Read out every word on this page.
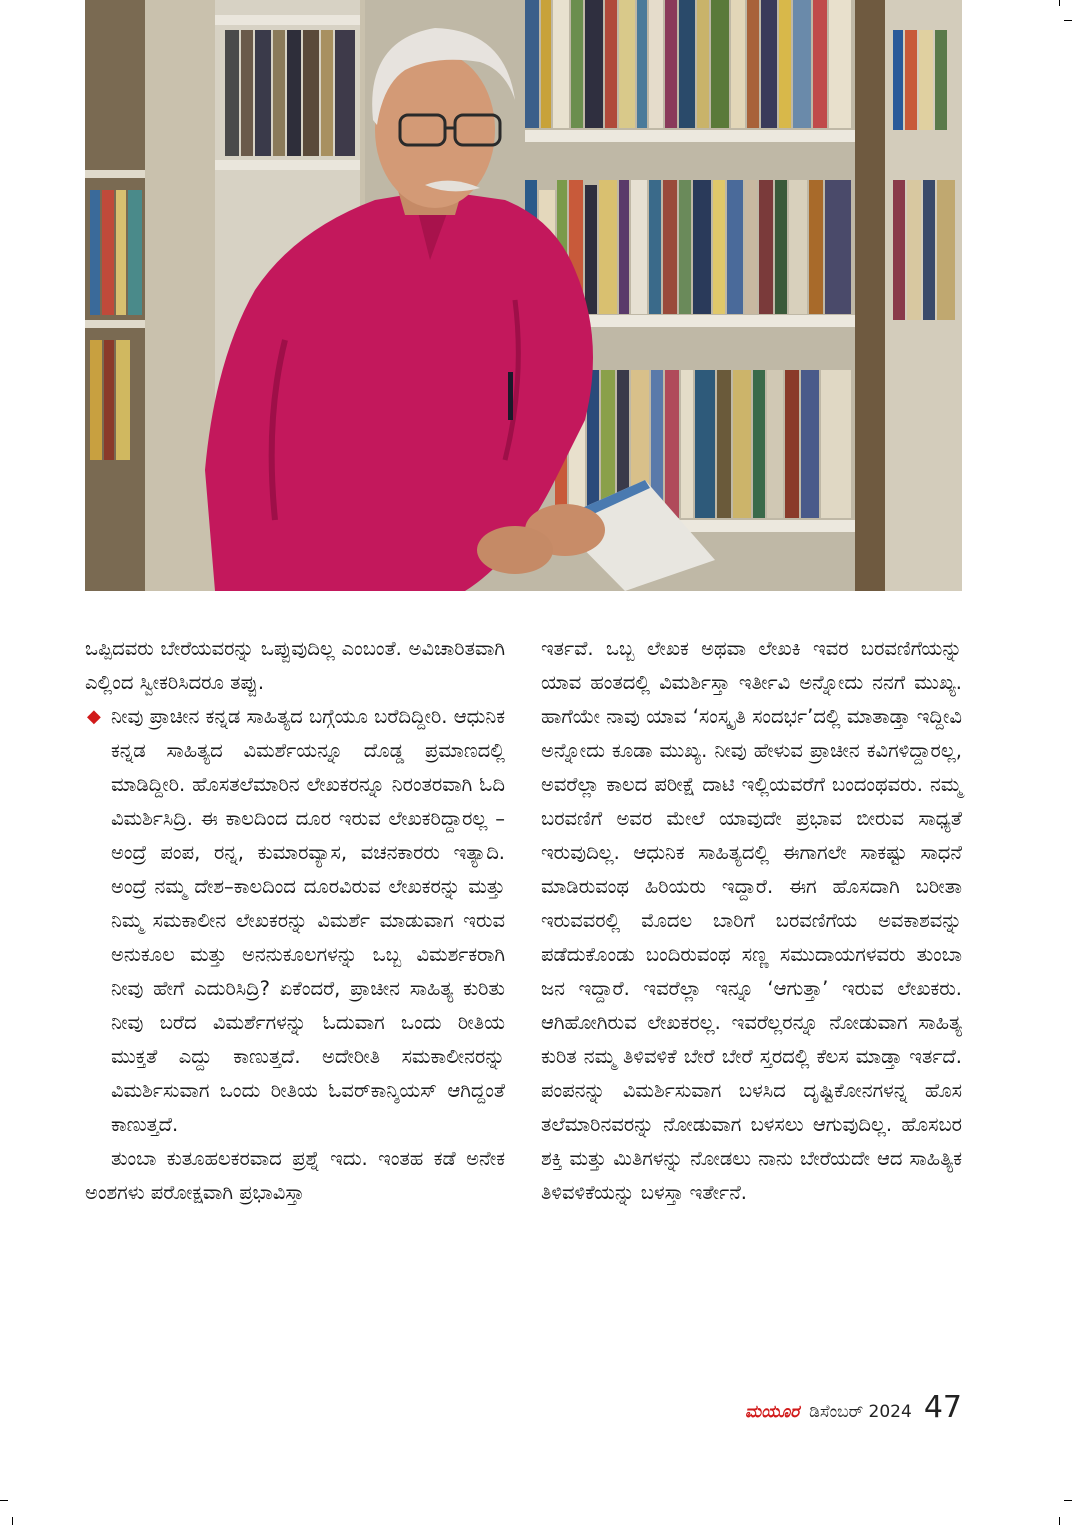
ಒಪ್ಪಿದವರು ಬೇರೆಯವರನ್ನು ಒಪ್ಪುವುದಿಲ್ಲ ಎಂಬಂತೆ. ಅವಿಚಾರಿತವಾಗಿ ಎಲ್ಲಿಂದ ಸ್ವೀಕರಿಸಿದರೂ ತಪ್ಪು.

◆ ನೀವು ಪ್ರಾಚೀನ ಕನ್ನಡ ಸಾಹಿತ್ಯದ ಬಗ್ಗೆಯೂ ಬರೆದಿದ್ದೀರಿ. ಆಧುನಿಕ ಕನ್ನಡ ಸಾಹಿತ್ಯದ ವಿಮರ್ಶೆಯನ್ನೂ ದೊಡ್ಡ ಪ್ರಮಾಣದಲ್ಲಿ ಮಾಡಿದ್ದೀರಿ. ಹೊಸತಲೆಮಾರಿನ ಲೇಖಕರನ್ನೂ ನಿರಂತರವಾಗಿ ಓದಿ ವಿಮರ್ಶಿಸಿದ್ರಿ. ಈ ಕಾಲದಿಂದ ದೂರ ಇರುವ ಲೇಖಕರಿದ್ದಾರಲ್ಲ – ಅಂದ್ರೆ ಪಂಪ, ರನ್ನ, ಕುಮಾರವ್ಯಾಸ, ವಚನಕಾರರು ಇತ್ಯಾದಿ. ಅಂದ್ರೆ ನಮ್ಮ ದೇಶ–ಕಾಲದಿಂದ ದೂರವಿರುವ ಲೇಖಕರನ್ನು ಮತ್ತು ನಿಮ್ಮ ಸಮಕಾಲೀನ ಲೇಖಕರನ್ನು ವಿಮರ್ಶೆ ಮಾಡುವಾಗ ಇರುವ ಅನುಕೂಲ ಮತ್ತು ಅನನುಕೂಲಗಳನ್ನು ಒಬ್ಬ ವಿಮರ್ಶಕರಾಗಿ ನೀವು ಹೇಗೆ ಎದುರಿಸಿದ್ರಿ? ಏಕೆಂದರೆ, ಪ್ರಾಚೀನ ಸಾಹಿತ್ಯ ಕುರಿತು ನೀವು ಬರೆದ ವಿಮರ್ಶೆಗಳನ್ನು ಓದುವಾಗ ಒಂದು ರೀತಿಯ ಮುಕ್ತತೆ ಎದ್ದು ಕಾಣುತ್ತದೆ. ಅದೇರೀತಿ ಸಮಕಾಲೀನರನ್ನು ವಿಮರ್ಶಿಸುವಾಗ ಒಂದು ರೀತಿಯ ಓವರ್‌ಕಾನ್ಶಿಯಸ್ ಆಗಿದ್ದಂತೆ ಕಾಣುತ್ತದೆ.

ತುಂಬಾ ಕುತೂಹಲಕರವಾದ ಪ್ರಶ್ನೆ ಇದು. ಇಂತಹ ಕಡೆ ಅನೇಕ ಅಂಶಗಳು ಪರೋಕ್ಷವಾಗಿ ಪ್ರಭಾವಿಸ್ತಾ

ಇರ್ತವೆ. ಒಬ್ಬ ಲೇಖಕ ಅಥವಾ ಲೇಖಕಿ ಇವರ ಬರವಣಿಗೆಯನ್ನು ಯಾವ ಹಂತದಲ್ಲಿ ವಿಮರ್ಶಿಸ್ತಾ ಇರ್ತೀವಿ ಅನ್ನೋದು ನನಗೆ ಮುಖ್ಯ. ಹಾಗೆಯೇ ನಾವು ಯಾವ ‘ಸಂಸ್ಕೃತಿ ಸಂದರ್ಭ’ದಲ್ಲಿ ಮಾತಾಡ್ತಾ ಇದ್ದೀವಿ ಅನ್ನೋದು ಕೂಡಾ ಮುಖ್ಯ. ನೀವು ಹೇಳುವ ಪ್ರಾಚೀನ ಕವಿಗಳಿದ್ದಾರಲ್ಲ, ಅವರೆಲ್ಲಾ ಕಾಲದ ಪರೀಕ್ಷೆ ದಾಟಿ ಇಲ್ಲಿಯವರೆಗೆ ಬಂದಂಥವರು. ನಮ್ಮ ಬರವಣಿಗೆ ಅವರ ಮೇಲೆ ಯಾವುದೇ ಪ್ರಭಾವ ಬೀರುವ ಸಾಧ್ಯತೆ ಇರುವುದಿಲ್ಲ. ಆಧುನಿಕ ಸಾಹಿತ್ಯದಲ್ಲಿ ಈಗಾಗಲೇ ಸಾಕಷ್ಟು ಸಾಧನೆ ಮಾಡಿರುವಂಥ ಹಿರಿಯರು ಇದ್ದಾರೆ. ಈಗ ಹೊಸದಾಗಿ ಬರೀತಾ ಇರುವವರಲ್ಲಿ ಮೊದಲ ಬಾರಿಗೆ ಬರವಣಿಗೆಯ ಅವಕಾಶವನ್ನು ಪಡೆದುಕೊಂಡು ಬಂದಿರುವಂಥ ಸಣ್ಣ ಸಮುದಾಯಗಳವರು ತುಂಬಾ ಜನ ಇದ್ದಾರೆ. ಇವರೆಲ್ಲಾ ಇನ್ನೂ ‘ಆಗುತ್ತಾ’ ಇರುವ ಲೇಖಕರು. ಆಗಿಹೋಗಿರುವ ಲೇಖಕರಲ್ಲ. ಇವರೆಲ್ಲರನ್ನೂ ನೋಡುವಾಗ ಸಾಹಿತ್ಯ ಕುರಿತ ನಮ್ಮ ತಿಳಿವಳಿಕೆ ಬೇರೆ ಬೇರೆ ಸ್ತರದಲ್ಲಿ ಕೆಲಸ ಮಾಡ್ತಾ ಇರ್ತದೆ. ಪಂಪನನ್ನು ವಿಮರ್ಶಿಸುವಾಗ ಬಳಸಿದ ದೃಷ್ಟಿಕೋನಗಳನ್ನ ಹೊಸ ತಲೆಮಾರಿನವರನ್ನು ನೋಡುವಾಗ ಬಳಸಲು ಆಗುವುದಿಲ್ಲ. ಹೊಸಬರ ಶಕ್ತಿ ಮತ್ತು ಮಿತಿಗಳನ್ನು ನೋಡಲು ನಾನು ಬೇರೆಯದೇ ಆದ ಸಾಹಿತ್ಯಿಕ ತಿಳಿವಳಿಕೆಯನ್ನು ಬಳಸ್ತಾ ಇರ್ತೇನೆ.

ಮಯೂರ ಡಿಸೆಂಬರ್ 2024 47
